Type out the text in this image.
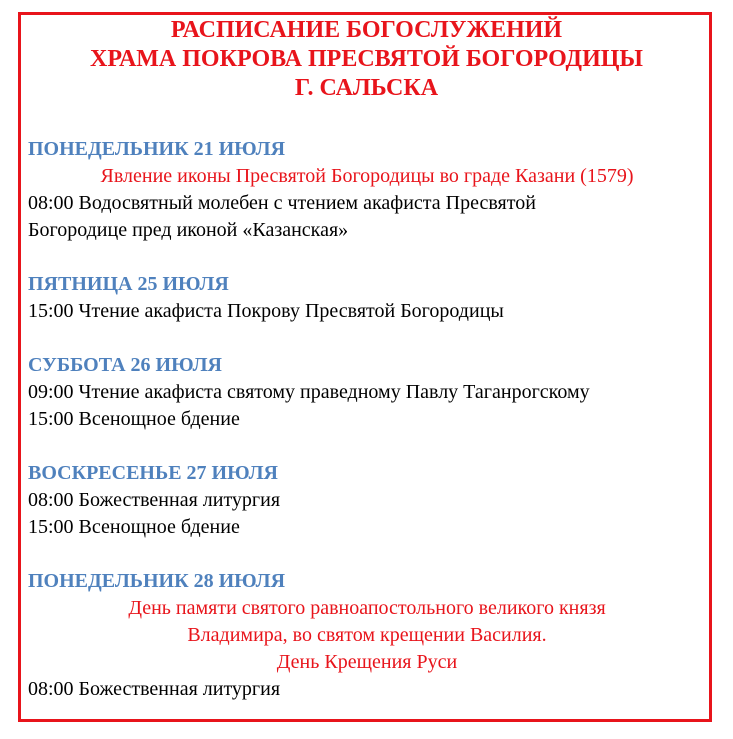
РАСПИСАНИЕ БОГОСЛУЖЕНИЙ
ХРАМА ПОКРОВА ПРЕСВЯТОЙ БОГОРОДИЦЫ
Г. САЛЬСКА
ПОНЕДЕЛЬНИК 21 ИЮЛЯ
Явление иконы Пресвятой Богородицы во граде Казани (1579)
08:00 Водосвятный молебен с чтением акафиста Пресвятой
Богородице пред иконой «Казанская»
ПЯТНИЦА 25 ИЮЛЯ
15:00 Чтение акафиста Покрову Пресвятой Богородицы
СУББОТА 26 ИЮЛЯ
09:00 Чтение акафиста святому праведному Павлу Таганрогскому
15:00 Всенощное бдение
ВОСКРЕСЕНЬЕ 27 ИЮЛЯ
08:00 Божественная литургия
15:00 Всенощное бдение
ПОНЕДЕЛЬНИК 28 ИЮЛЯ
День памяти святого равноапостольного великого князя
Владимира, во святом крещении Василия.
День Крещения Руси
08:00 Божественная литургия
